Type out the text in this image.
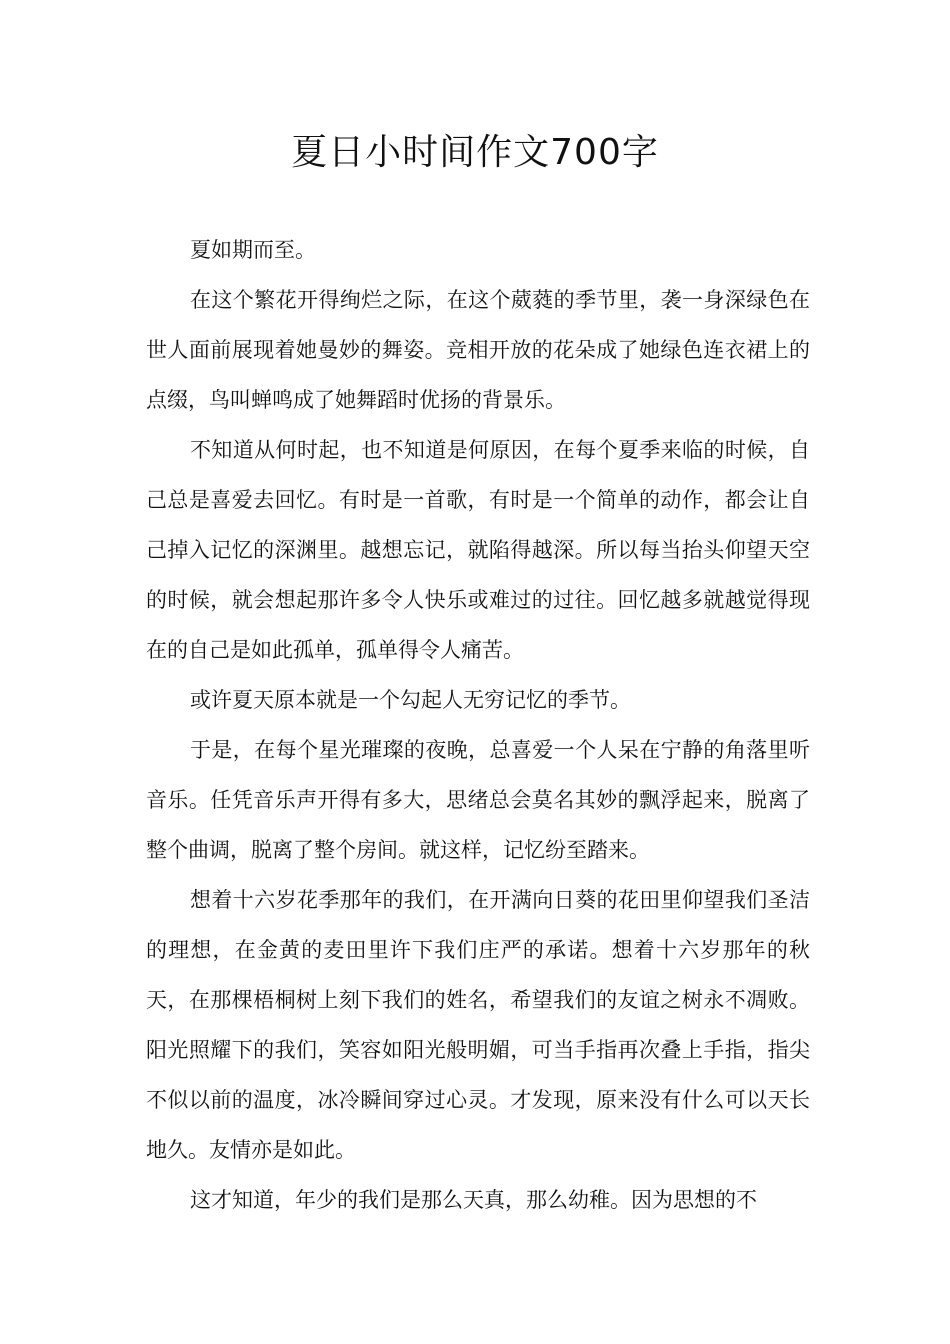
夏日小时间作文700字

夏如期而至。

在这个繁花开得绚烂之际，在这个葳蕤的季节里，袭一身深绿色在世人面前展现着她曼妙的舞姿。竞相开放的花朵成了她绿色连衣裙上的点缀，鸟叫蝉鸣成了她舞蹈时优扬的背景乐。

不知道从何时起，也不知道是何原因，在每个夏季来临的时候，自己总是喜爱去回忆。有时是一首歌，有时是一个简单的动作，都会让自己掉入记忆的深渊里。越想忘记，就陷得越深。所以每当抬头仰望天空的时候，就会想起那许多令人快乐或难过的过往。回忆越多就越觉得现在的自己是如此孤单，孤单得令人痛苦。

或许夏天原本就是一个勾起人无穷记忆的季节。

于是，在每个星光璀璨的夜晚，总喜爱一个人呆在宁静的角落里听音乐。任凭音乐声开得有多大，思绪总会莫名其妙的飘浮起来，脱离了整个曲调，脱离了整个房间。就这样，记忆纷至踏来。

想着十六岁花季那年的我们，在开满向日葵的花田里仰望我们圣洁的理想，在金黄的麦田里许下我们庄严的承诺。想着十六岁那年的秋天，在那棵梧桐树上刻下我们的姓名，希望我们的友谊之树永不凋败。阳光照耀下的我们，笑容如阳光般明媚，可当手指再次叠上手指，指尖不似以前的温度，冰冷瞬间穿过心灵。才发现，原来没有什么可以天长地久。友情亦是如此。

这才知道，年少的我们是那么天真，那么幼稚。因为思想的不
